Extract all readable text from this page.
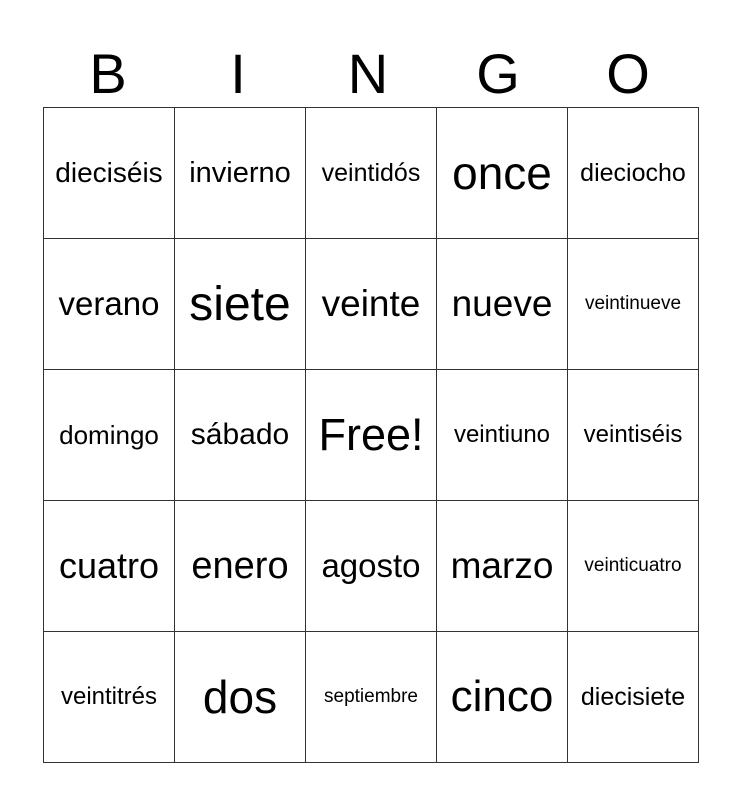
B	I	N	G	O
dieciséis	invierno	veintidós	once	dieciocho
verano	siete	veinte	nueve	veintinueve
domingo	sábado	Free!	veintiuno	veintiséis
cuatro	enero	agosto	marzo	veinticuatro
veintitrés	dos	septiembre	cinco	diecisiete
